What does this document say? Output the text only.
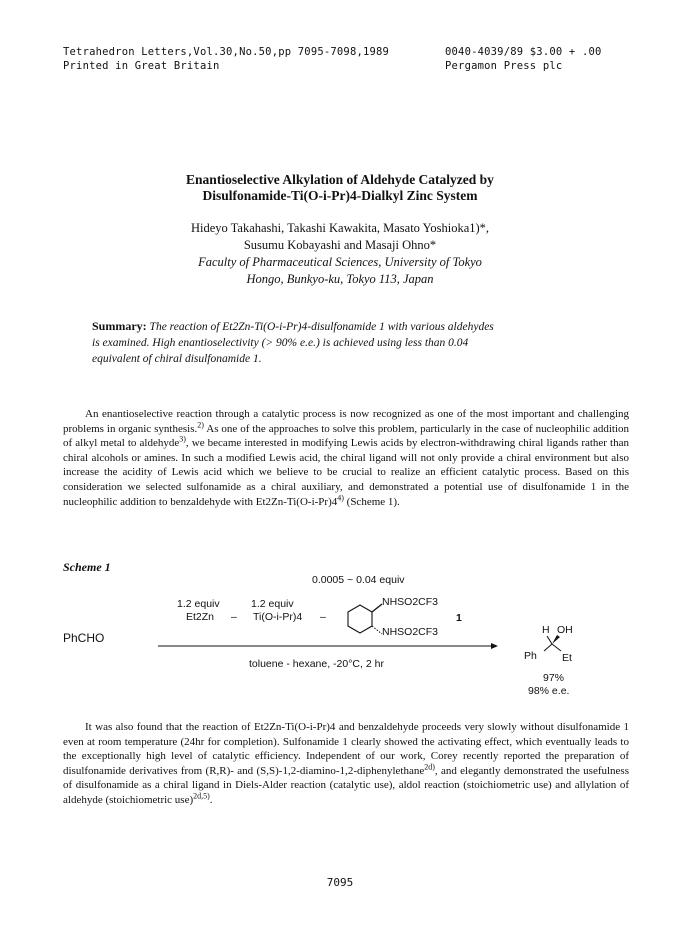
Tetrahedron Letters,Vol.30,No.50,pp 7095-7098,1989	0040-4039/89 $3.00 + .00
Printed in Great Britain	Pergamon Press plc
Enantioselective Alkylation of Aldehyde Catalyzed by
Disulfonamide-Ti(O-i-Pr)4-Dialkyl Zinc System
Hideyo Takahashi, Takashi Kawakita, Masato Yoshioka1)*,
Susumu Kobayashi and Masaji Ohno*
Faculty of Pharmaceutical Sciences, University of Tokyo
Hongo, Bunkyo-ku, Tokyo 113, Japan
Summary: The reaction of Et2Zn-Ti(O-i-Pr)4-disulfonamide 1 with various aldehydes
is examined. High enantioselectivity (> 90% e.e.) is achieved using less than 0.04
equivalent of chiral disulfonamide 1.

An enantioselective reaction through a catalytic process is now recognized as one of the most important and challenging problems in organic synthesis.$^{2)}$ As one of the approaches to solve this problem, particularly in the case of nucleophilic addition of alkyl metal to aldehyde$^{3)}$, we became interested in modifying Lewis acids by electron-withdrawing chiral ligands rather than chiral alcohols or amines. In such a modified Lewis acid, the chiral ligand will not only provide a chiral environment but also increase the acidity of Lewis acid which we believe to be crucial to realize an efficient catalytic process. Based on this consideration we selected sulfonamide as a chiral auxiliary, and demonstrated a potential use of disulfonamide 1 in the nucleophilic addition to benzaldehyde with Et2Zn-Ti(O-i-Pr)4$^{4)}$ (Scheme 1).

Scheme 1
0.0005 ~ 0.04 equiv
1.2 equiv
Et2Zn –
1.2 equiv
Ti(O-i-Pr)4 –
NHSO2CF3
NHSO2CF3
1
PhCHO
toluene - hexane, -20°C, 2 hr
H OH
Ph Et
97%
98% e.e.

It was also found that the reaction of Et2Zn-Ti(O-i-Pr)4 and benzaldehyde proceeds very slowly without disulfonamide 1 even at room temperature (24hr for completion). Sulfonamide 1 clearly showed the activating effect, which eventually leads to the exceptionally high level of catalytic efficiency. Independent of our work, Corey recently reported the preparation of disulfonamide derivatives from (R,R)- and (S,S)-1,2-diamino-1,2-diphenylethane$^{2d)}$, and elegantly demonstrated the usefulness of disulfonamide as a chiral ligand in Diels-Alder reaction (catalytic use), aldol reaction (stoichiometric use) and allylation of aldehyde (stoichiometric use)$^{2d,5)}$.

7095
